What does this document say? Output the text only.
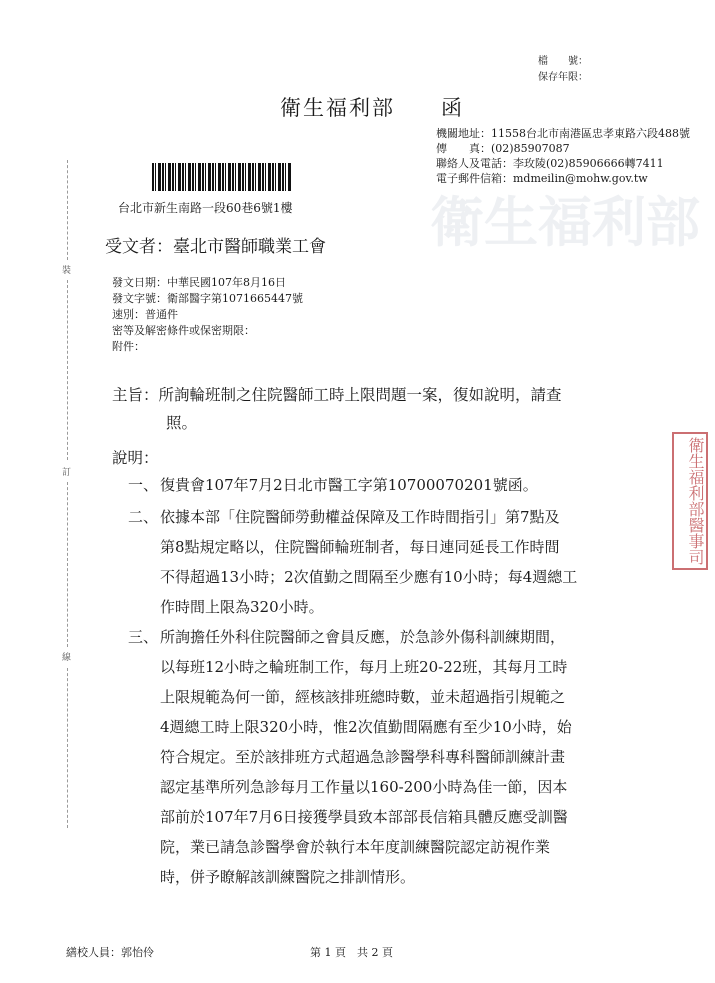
衛生福利部
檔　　號：
保存年限：
衛生福利部　　函
機關地址：11558台北市南港區忠孝東路六段488號
傳　　真：(02)85907087
聯絡人及電話：李玫陵(02)85906666轉7411
電子郵件信箱：mdmeilin@mohw.gov.tw
台北市新生南路一段60巷6號1樓
受文者：臺北市醫師職業工會
發文日期：中華民國107年8月16日
發文字號：衛部醫字第1071665447號
速別：普通件
密等及解密條件或保密期限：
附件：
主旨：所詢輪班制之住院醫師工時上限問題一案，復如說明，請查
照。
說明：
一、 復貴會107年7月2日北市醫工字第10700070201號函。
二、 依據本部「住院醫師勞動權益保障及工作時間指引」第7點及
第8點規定略以，住院醫師輪班制者，每日連同延長工作時間
不得超過13小時；2次值勤之間隔至少應有10小時；每4週總工
作時間上限為320小時。
三、 所詢擔任外科住院醫師之會員反應，於急診外傷科訓練期間，
以每班12小時之輪班制工作，每月上班20-22班，其每月工時
上限規範為何一節，經核該排班總時數，並未超過指引規範之
4週總工時上限320小時，惟2次值勤間隔應有至少10小時，始
符合規定。至於該排班方式超過急診醫學科專科醫師訓練計畫
認定基準所列急診每月工作量以160-200小時為佳一節，因本
部前於107年7月6日接獲學員致本部部長信箱具體反應受訓醫
院，業已請急診醫學會於執行本年度訓練醫院認定訪視作業
時，併予瞭解該訓練醫院之排訓情形。
裝
訂
線
衛生福利部醫事司
繕校人員：郭怡伶	第 1 頁　共 2 頁
